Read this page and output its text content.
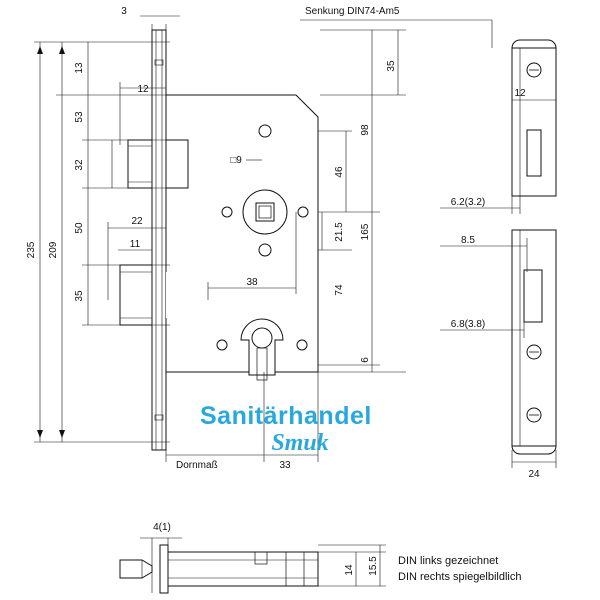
235 209
13
53
32
50
35
12
3
22
11
38
□9
35
98
46
21.5 165
74
6
Dornmaß	33
Senkung DIN74-Am5
12
6.2(3.2)
8.5
6.8(3.8)
24
4(1)
15.5
14
DIN links gezeichnet
DIN rechts spiegelbildlich
Sanitärhandel
Smuk
